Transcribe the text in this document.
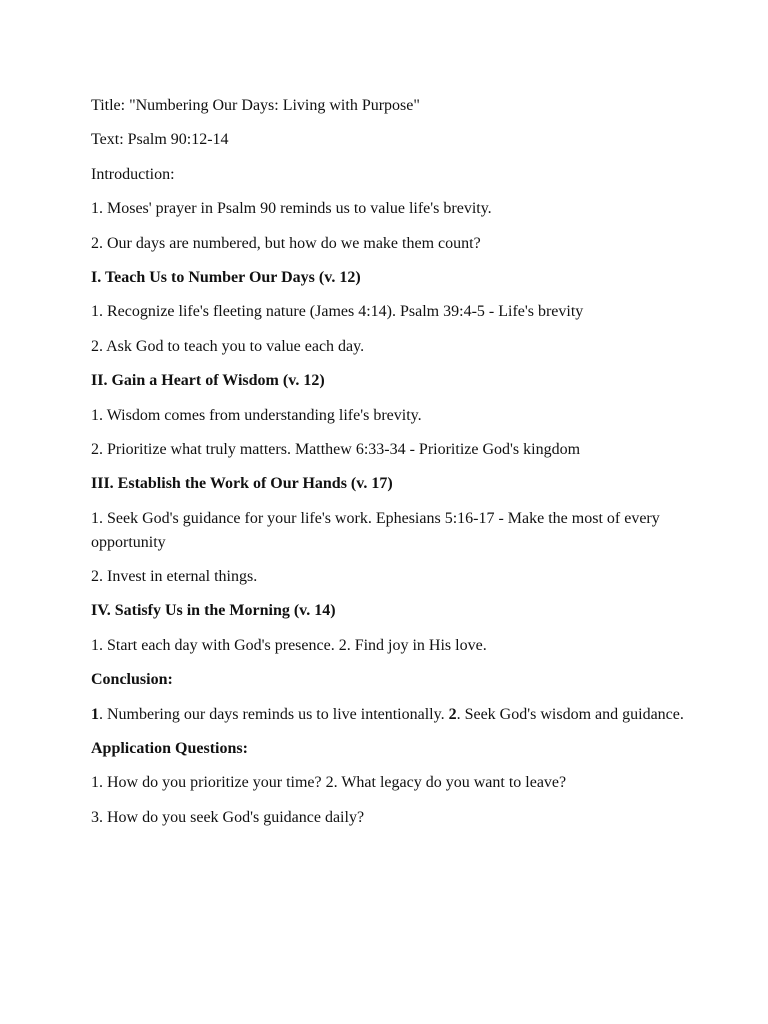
Title: "Numbering Our Days: Living with Purpose"

Text: Psalm 90:12-14

Introduction:

1. Moses' prayer in Psalm 90 reminds us to value life's brevity.

2. Our days are numbered, but how do we make them count?

I. Teach Us to Number Our Days (v. 12)

1. Recognize life's fleeting nature (James 4:14). Psalm 39:4-5 - Life's brevity

2. Ask God to teach you to value each day.

II. Gain a Heart of Wisdom (v. 12)

1. Wisdom comes from understanding life's brevity.

2. Prioritize what truly matters. Matthew 6:33-34 - Prioritize God's kingdom

III. Establish the Work of Our Hands (v. 17)

1. Seek God's guidance for your life's work. Ephesians 5:16-17 - Make the most of every opportunity

2. Invest in eternal things.

IV. Satisfy Us in the Morning (v. 14)

1. Start each day with God's presence. 2. Find joy in His love.

Conclusion:

1. Numbering our days reminds us to live intentionally. 2. Seek God's wisdom and guidance.

Application Questions:

1. How do you prioritize your time? 2. What legacy do you want to leave?

3. How do you seek God's guidance daily?
